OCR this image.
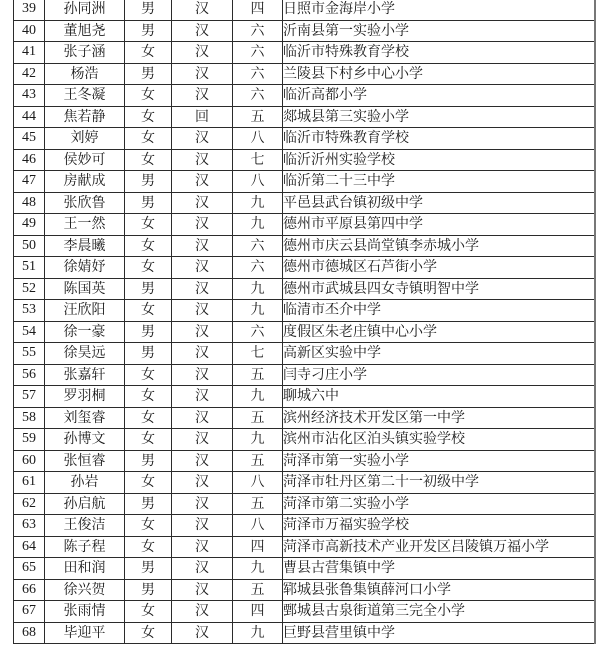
39	孙同洲	男	汉	四	日照市金海岸小学
40	董旭尧	男	汉	六	沂南县第一实验小学
41	张子涵	女	汉	六	临沂市特殊教育学校
42	杨浩	男	汉	六	兰陵县下村乡中心小学
43	王冬凝	女	汉	六	临沂高都小学
44	焦若静	女	回	五	郯城县第三实验小学
45	刘婷	女	汉	八	临沂市特殊教育学校
46	侯妙可	女	汉	七	临沂沂州实验学校
47	房献成	男	汉	八	临沂第二十三中学
48	张欣鲁	男	汉	九	平邑县武台镇初级中学
49	王一然	女	汉	九	德州市平原县第四中学
50	李晨曦	女	汉	六	德州市庆云县尚堂镇李赤城小学
51	徐婧妤	女	汉	六	德州市德城区石芦街小学
52	陈国英	男	汉	九	德州市武城县四女寺镇明智中学
53	汪欣阳	女	汉	九	临清市丕介中学
54	徐一豪	男	汉	六	度假区朱老庄镇中心小学
55	徐昊远	男	汉	七	高新区实验中学
56	张嘉轩	女	汉	五	闫寺刁庄小学
57	罗羽桐	女	汉	九	聊城六中
58	刘玺睿	女	汉	五	滨州经济技术开发区第一中学
59	孙博文	女	汉	九	滨州市沾化区泊头镇实验学校
60	张恒睿	男	汉	五	菏泽市第一实验小学
61	孙岩	女	汉	八	菏泽市牡丹区第二十一初级中学
62	孙启航	男	汉	五	菏泽市第二实验小学
63	王俊洁	女	汉	八	菏泽市万福实验学校
64	陈子程	女	汉	四	菏泽市高新技术产业开发区吕陵镇万福小学
65	田和润	男	汉	九	曹县古营集镇中学
66	徐兴贺	男	汉	五	郓城县张鲁集镇薛河口小学
67	张雨情	女	汉	四	鄄城县古泉街道第三完全小学
68	毕迎平	女	汉	九	巨野县营里镇中学
